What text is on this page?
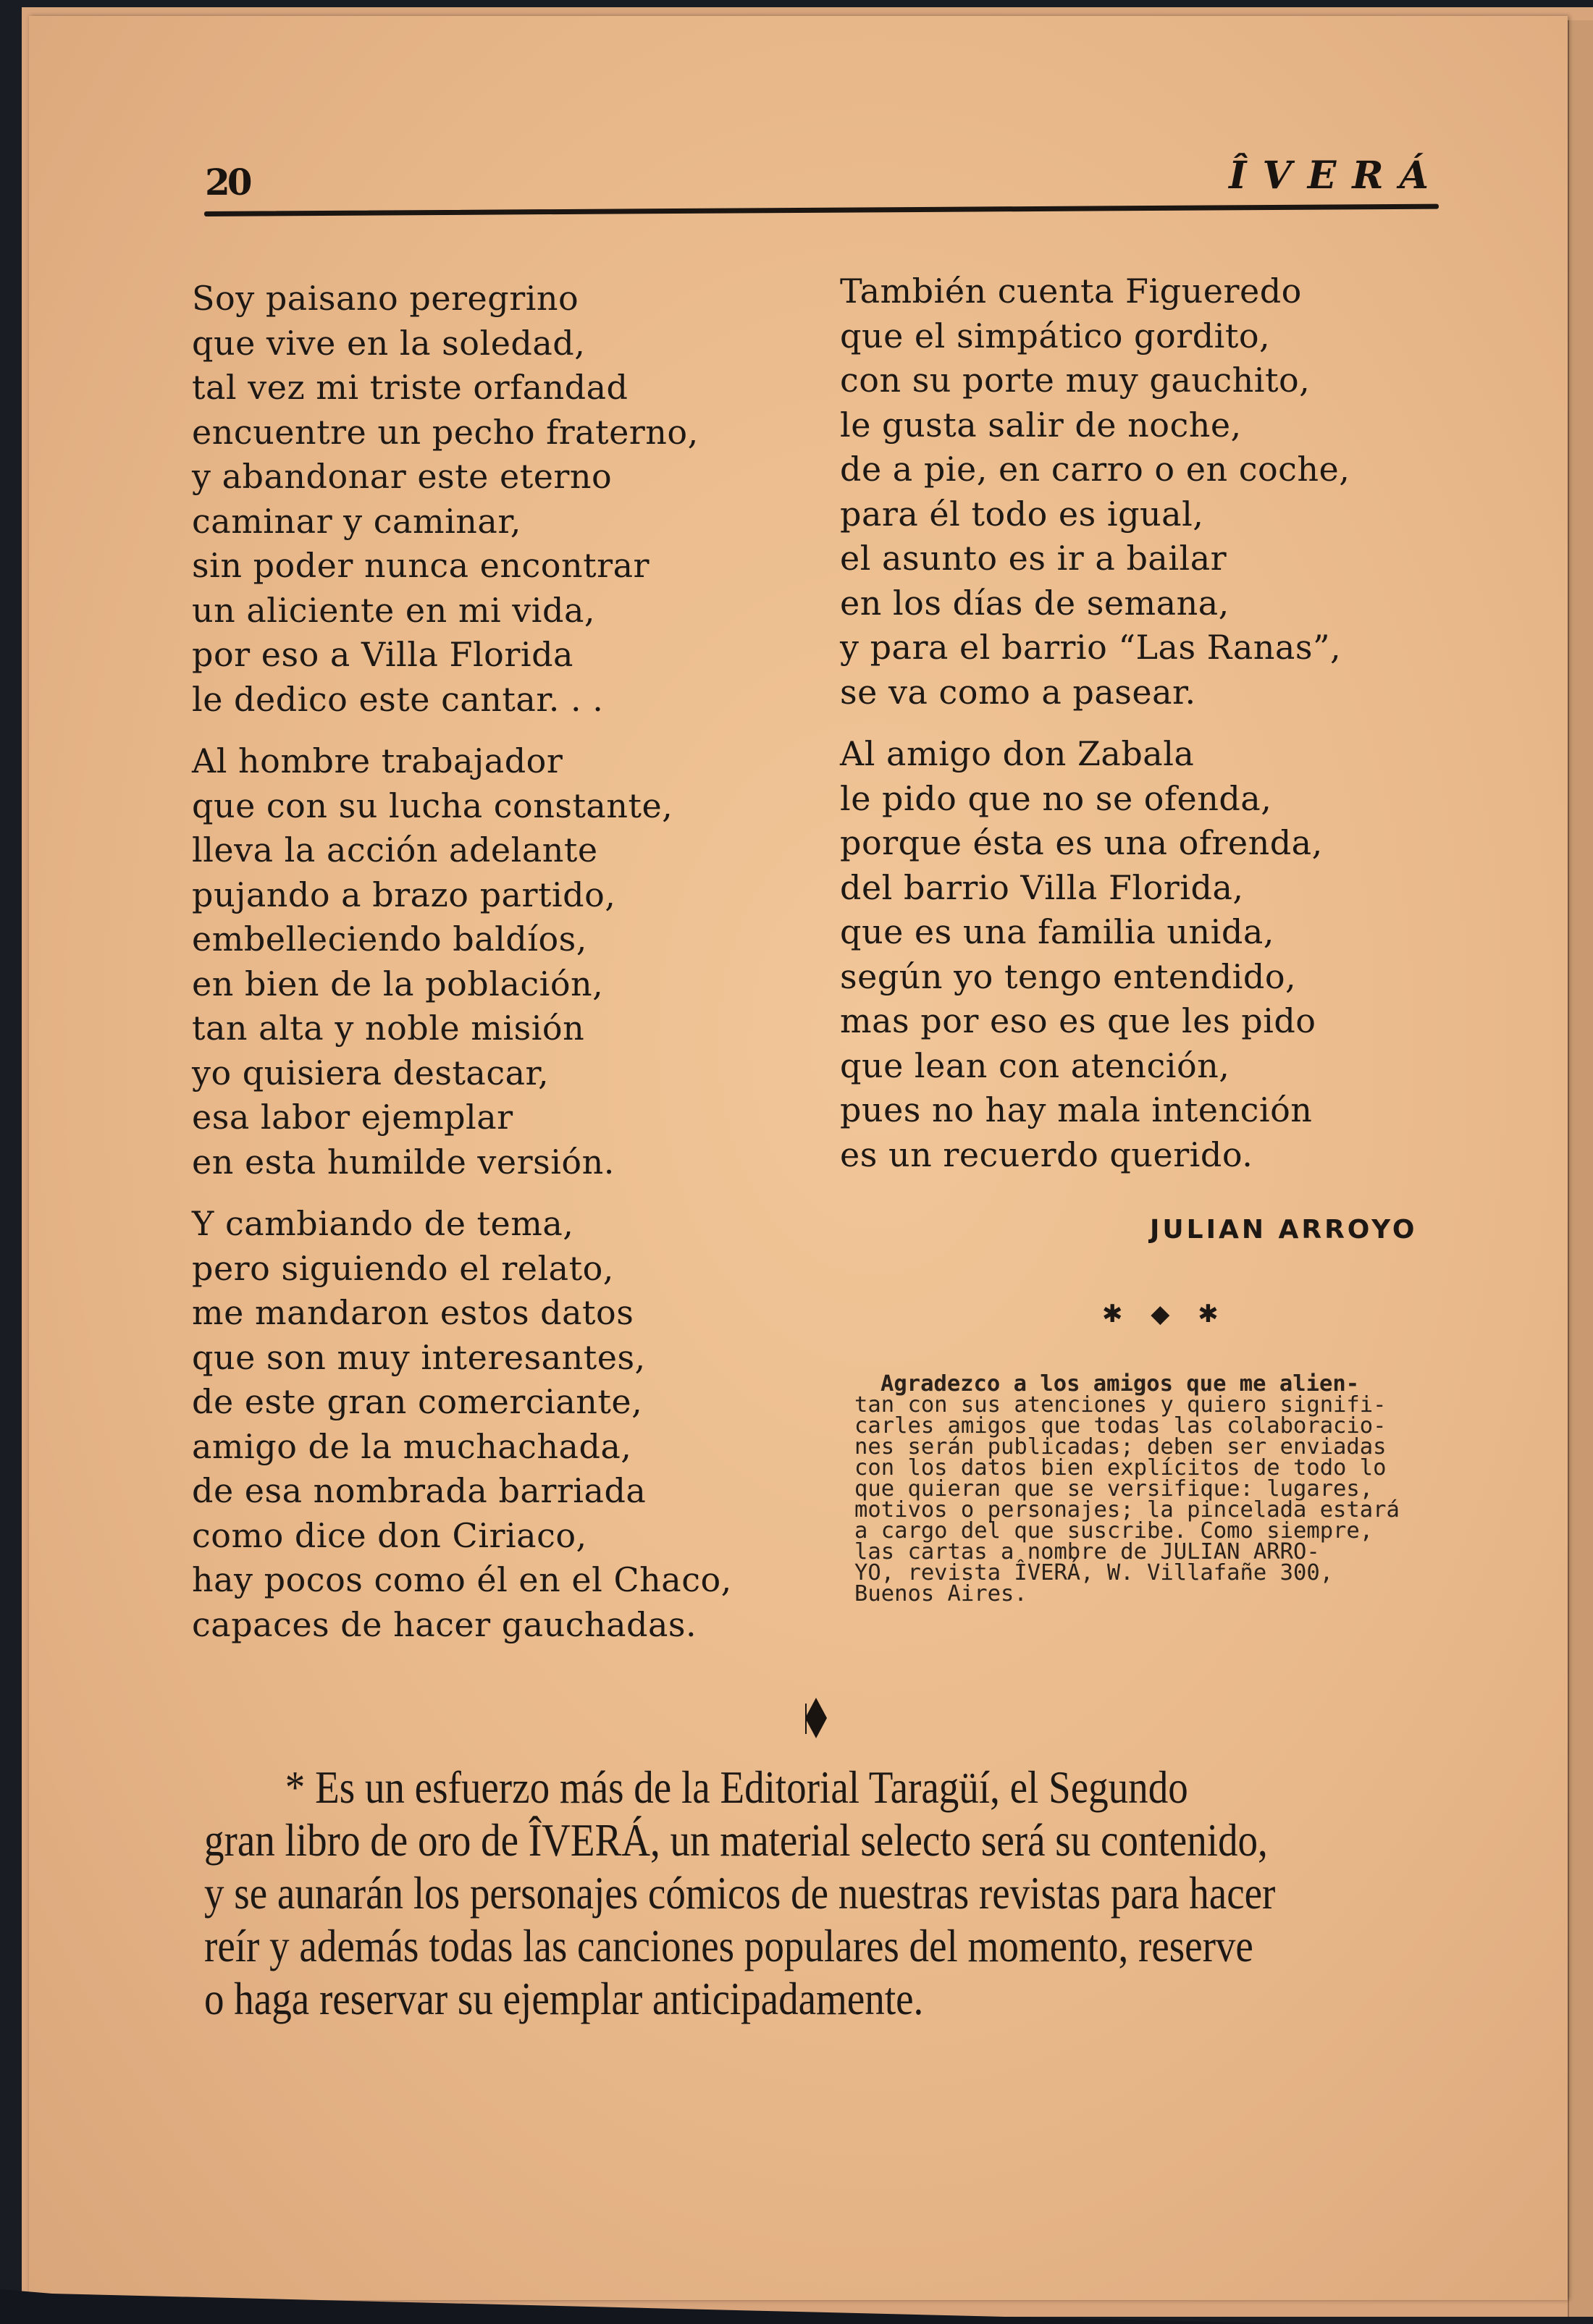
20	ÎVERÁ
Soy paisano peregrino
que vive en la soledad,
tal vez mi triste orfandad
encuentre un pecho fraterno,
y abandonar este eterno
caminar y caminar,
sin poder nunca encontrar
un aliciente en mi vida,
por eso a Villa Florida
le dedico este cantar. . .
Al hombre trabajador
que con su lucha constante,
lleva la acción adelante
pujando a brazo partido,
embelleciendo baldíos,
en bien de la población,
tan alta y noble misión
yo quisiera destacar,
esa labor ejemplar
en esta humilde versión.
Y cambiando de tema,
pero siguiendo el relato,
me mandaron estos datos
que son muy interesantes,
de este gran comerciante,
amigo de la muchachada,
de esa nombrada barriada
como dice don Ciriaco,
hay pocos como él en el Chaco,
capaces de hacer gauchadas.
También cuenta Figueredo
que el simpático gordito,
con su porte muy gauchito,
le gusta salir de noche,
de a pie, en carro o en coche,
para él todo es igual,
el asunto es ir a bailar
en los días de semana,
y para el barrio “Las Ranas”,
se va como a pasear.
Al amigo don Zabala
le pido que no se ofenda,
porque ésta es una ofrenda,
del barrio Villa Florida,
que es una familia unida,
según yo tengo entendido,
mas por eso es que les pido
que lean con atención,
pues no hay mala intención
es un recuerdo querido.
JULIAN ARROYO
✱ ◆ ✱
Agradezco a los amigos que me alien-
tan con sus atenciones y quiero signifi-
carles amigos que todas las colaboracio-
nes serán publicadas; deben ser enviadas
con los datos bien explícitos de todo lo
que quieran que se versifique: lugares,
motivos o personajes; la pincelada estará
a cargo del que suscribe. Como siempre,
las cartas a nombre de JULIAN ARRO-
YO, revista ÎVERÁ, W. Villafañe 300,
Buenos Aires.
* Es un esfuerzo más de la Editorial Taragüí, el Segundo
gran libro de oro de ÎVERÁ, un material selecto será su contenido,
y se aunarán los personajes cómicos de nuestras revistas para hacer
reír y además todas las canciones populares del momento, reserve
o haga reservar su ejemplar anticipadamente.
